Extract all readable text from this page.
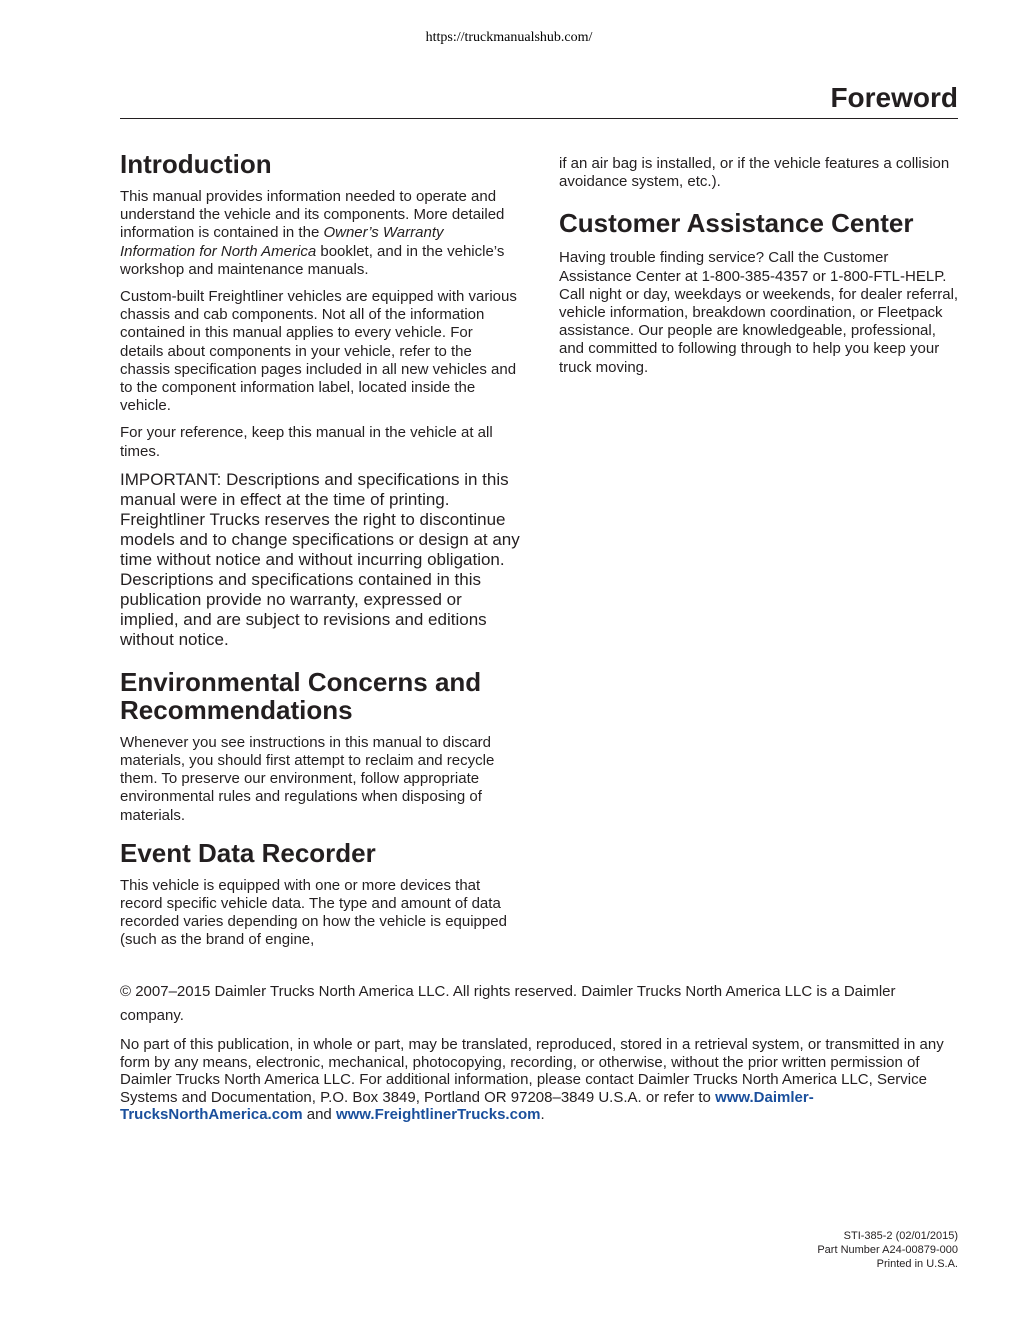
https://truckmanualshub.com/
Foreword
Introduction

This manual provides information needed to operate and understand the vehicle and its components. More detailed information is contained in the Owner’s Warranty Information for North America booklet, and in the vehicle’s workshop and maintenance manuals.

Custom-built Freightliner vehicles are equipped with various chassis and cab components. Not all of the information contained in this manual applies to every vehicle. For details about components in your vehicle, refer to the chassis specification pages included in all new vehicles and to the component information label, located inside the vehicle.

For your reference, keep this manual in the vehicle at all times.

IMPORTANT: Descriptions and specifications in this manual were in effect at the time of printing. Freightliner Trucks reserves the right to discontinue models and to change specifications or design at any time without notice and without incurring obligation. Descriptions and specifications contained in this publication provide no warranty, expressed or implied, and are subject to revisions and editions without notice.

Environmental Concerns and Recommendations

Whenever you see instructions in this manual to discard materials, you should first attempt to reclaim and recycle them. To preserve our environment, follow appropriate environmental rules and regulations when disposing of materials.

Event Data Recorder

This vehicle is equipped with one or more devices that record specific vehicle data. The type and amount of data recorded varies depending on how the vehicle is equipped (such as the brand of engine,

if an air bag is installed, or if the vehicle features a collision avoidance system, etc.).

Customer Assistance Center

Having trouble finding service? Call the Customer Assistance Center at 1-800-385-4357 or 1-800-FTL-HELP. Call night or day, weekdays or weekends, for dealer referral, vehicle information, breakdown coordination, or Fleetpack assistance. Our people are knowledgeable, professional, and committed to following through to help you keep your truck moving.

© 2007–2015 Daimler Trucks North America LLC. All rights reserved. Daimler Trucks North America LLC is a Daimler company.

No part of this publication, in whole or part, may be translated, reproduced, stored in a retrieval system, or transmitted in any form by any means, electronic, mechanical, photocopying, recording, or otherwise, without the prior written permission of Daimler Trucks North America LLC. For additional information, please contact Daimler Trucks North America LLC, Service Systems and Documentation, P.O. Box 3849, Portland OR 97208–3849 U.S.A. or refer to www.Daimler-TrucksNorthAmerica.com and www.FreightlinerTrucks.com.

STI-385-2 (02/01/2015)
Part Number A24-00879-000
Printed in U.S.A.
